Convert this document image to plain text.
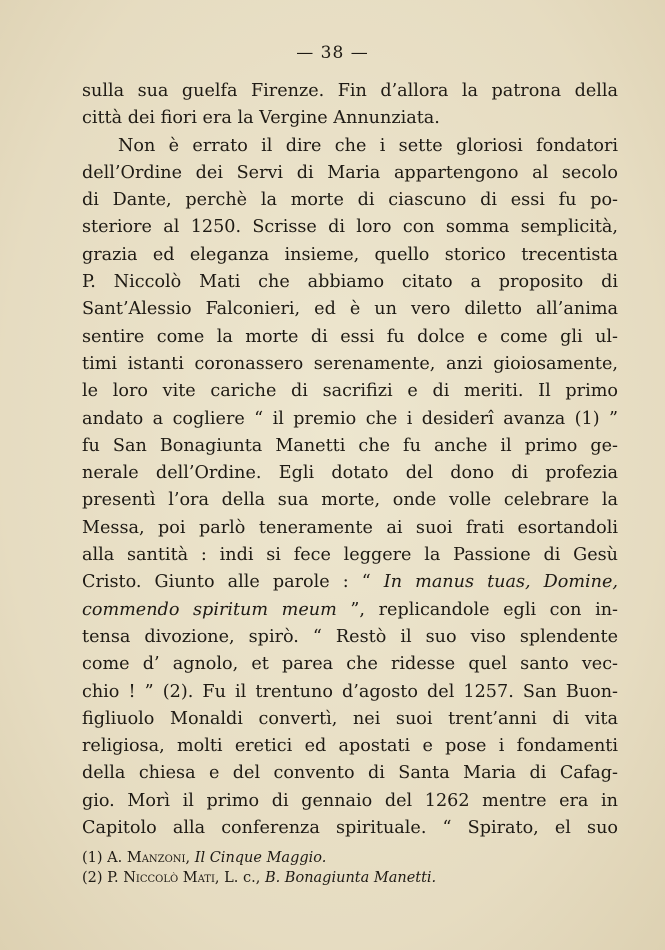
— 38 —
sulla sua guelfa Firenze. Fin d’allora la patrona della
città dei fiori era la Vergine Annunziata.
Non è errato il dire che i sette gloriosi fondatori
dell’Ordine dei Servi di Maria appartengono al secolo
di Dante, perchè la morte di ciascuno di essi fu po-
steriore al 1250. Scrisse di loro con somma semplicità,
grazia ed eleganza insieme, quello storico trecentista
P. Niccolò Mati che abbiamo citato a proposito di
Sant’Alessio Falconieri, ed è un vero diletto all’anima
sentire come la morte di essi fu dolce e come gli ul-
timi istanti coronassero serenamente, anzi gioiosamente,
le loro vite cariche di sacrifizi e di meriti. Il primo
andato a cogliere “ il premio che i desiderî avanza (1) ”
fu San Bonagiunta Manetti che fu anche il primo ge-
nerale dell’Ordine. Egli dotato del dono di profezia
presentì l’ora della sua morte, onde volle celebrare la
Messa, poi parlò teneramente ai suoi frati esortandoli
alla santità : indi si fece leggere la Passione di Gesù
Cristo. Giunto alle parole : “ In manus tuas, Domine,
commendo spiritum meum ”, replicandole egli con in-
tensa divozione, spirò. “ Restò il suo viso splendente
come d’ agnolo, et parea che ridesse quel santo vec-
chio ! ” (2). Fu il trentuno d’agosto del 1257. San Buon-
figliuolo Monaldi convertì, nei suoi trent’anni di vita
religiosa, molti eretici ed apostati e pose i fondamenti
della chiesa e del convento di Santa Maria di Cafag-
gio. Morì il primo di gennaio del 1262 mentre era in
Capitolo alla conferenza spirituale. “ Spirato, el suo
(1) A. Manzoni, Il Cinque Maggio.
(2) P. Niccolò Mati, L. c., B. Bonagiunta Manetti.
